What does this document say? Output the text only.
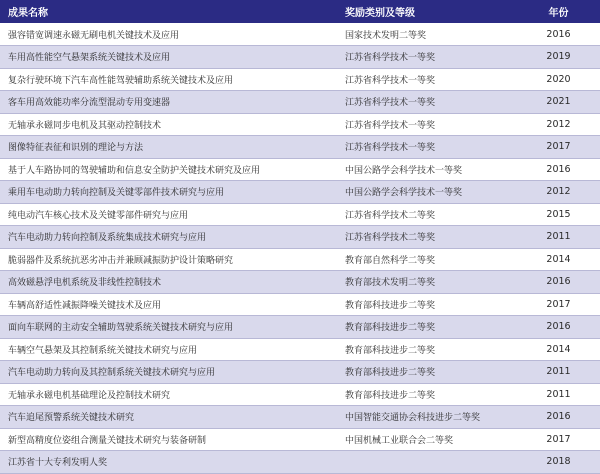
成果名称	奖励类别及等级	年份
强容错宽调速永磁无刷电机关键技术及应用	国家技术发明二等奖	2016
车用高性能空气悬架系统关键技术及应用	江苏省科学技术一等奖	2019
复杂行驶环境下汽车高性能驾驶辅助系统关键技术及应用	江苏省科学技术一等奖	2020
客车用高效能功率分流型混动专用变速器	江苏省科学技术一等奖	2021
无轴承永磁同步电机及其驱动控制技术	江苏省科学技术一等奖	2012
图像特征表征和识别的理论与方法	江苏省科学技术一等奖	2017
基于人车路协同的驾驶辅助和信息安全防护关键技术研究及应用	中国公路学会科学技术一等奖	2016
乘用车电动助力转向控制及关键零部件技术研究与应用	中国公路学会科学技术一等奖	2012
纯电动汽车核心技术及关键零部件研究与应用	江苏省科学技术二等奖	2015
汽车电动助力转向控制及系统集成技术研究与应用	江苏省科学技术二等奖	2011
脆弱器件及系统抗恶劣冲击并兼顾减振防护设计策略研究	教育部自然科学二等奖	2014
高效磁悬浮电机系统及非线性控制技术	教育部技术发明二等奖	2016
车辆高舒适性减振降噪关键技术及应用	教育部科技进步二等奖	2017
面向车联网的主动安全辅助驾驶系统关键技术研究与应用	教育部科技进步二等奖	2016
车辆空气悬架及其控制系统关键技术研究与应用	教育部科技进步二等奖	2014
汽车电动助力转向及其控制系统关键技术研究与应用	教育部科技进步二等奖	2011
无轴承永磁电机基础理论及控制技术研究	教育部科技进步二等奖	2011
汽车追尾预警系统关键技术研究	中国智能交通协会科技进步二等奖	2016
新型高精度位姿组合测量关键技术研究与装备研制	中国机械工业联合会二等奖	2017
江苏省十大专利发明人奖		2018
